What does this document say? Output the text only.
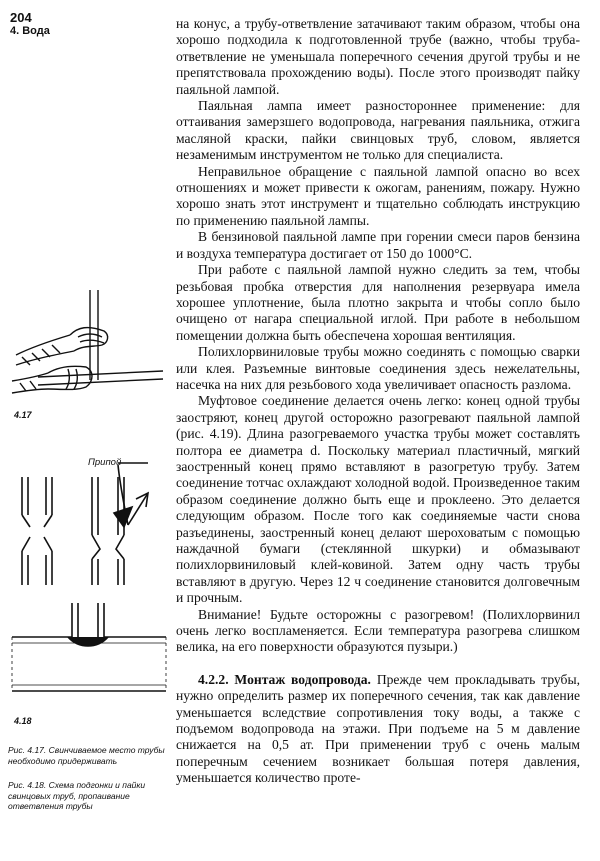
204
4. Вода
4.17
Припой
4.18
Рис. 4.17. Свинчиваемое место трубы необходимо придерживать
Рис. 4.18. Схема подгонки и пайки свинцовых труб, пропаивание ответвления трубы

на конус, а трубу-ответвление затачивают таким образом, чтобы она хорошо подходила к подготовленной трубе (важно, чтобы труба-ответвление не уменьшала поперечного сечения другой трубы и не препятствовала прохождению воды). После этого производят пайку паяльной лампой.

Паяльная лампа имеет разностороннее применение: для оттаивания замерзшего водопровода, нагревания паяльника, отжига масляной краски, пайки свинцовых труб, словом, является незаменимым инструментом не только для специалиста.

Неправильное обращение с паяльной лампой опасно во всех отношениях и может привести к ожогам, ранениям, пожару. Нужно хорошо знать этот инструмент и тщательно соблюдать инструкцию по применению паяльной лампы.

В бензиновой паяльной лампе при горении смеси паров бензина и воздуха температура достигает от 150 до 1000°С.

При работе с паяльной лампой нужно следить за тем, чтобы резьбовая пробка отверстия для наполнения резервуара имела хорошее уплотнение, была плотно закрыта и чтобы сопло было очищено от нагара специальной иглой. При работе в небольшом помещении должна быть обеспечена хорошая вентиляция.

Полихлорвиниловые трубы можно соединять с помощью сварки или клея. Разъемные винтовые соединения здесь нежелательны, насечка на них для резьбового хода увеличивает опасность разлома.

Муфтовое соединение делается очень легко: конец одной трубы заостряют, конец другой осторожно разогревают паяльной лампой (рис. 4.19). Длина разогреваемого участка трубы может составлять полтора ее диаметра d. Поскольку материал пластичный, мягкий заостренный конец прямо вставляют в разогретую трубу. Затем соединение тотчас охлаждают холодной водой. Произведенное таким образом соединение должно быть еще и проклеено. Это делается следующим образом. После того как соединяемые части снова разъединены, заостренный конец делают шероховатым с помощью наждачной бумаги (стеклянной шкурки) и обмазывают полихлорвиниловый клей-ковиной. Затем одну часть трубы вставляют в другую. Через 12 ч соединение становится долговечным и прочным.

Внимание! Будьте осторожны с разогревом! (Полихлорвинил очень легко воспламеняется. Если температура разогрева слишком велика, на его поверхности образуются пузыри.)

4.2.2. Монтаж водопровода. Прежде чем прокладывать трубы, нужно определить размер их поперечного сечения, так как давление уменьшается вследствие сопротивления току воды, а также с подъемом водопровода на этажи. При подъеме на 5 м давление снижается на 0,5 ат. При применении труб с очень малым поперечным сечением возникает большая потеря давления, уменьшается количество проте-
